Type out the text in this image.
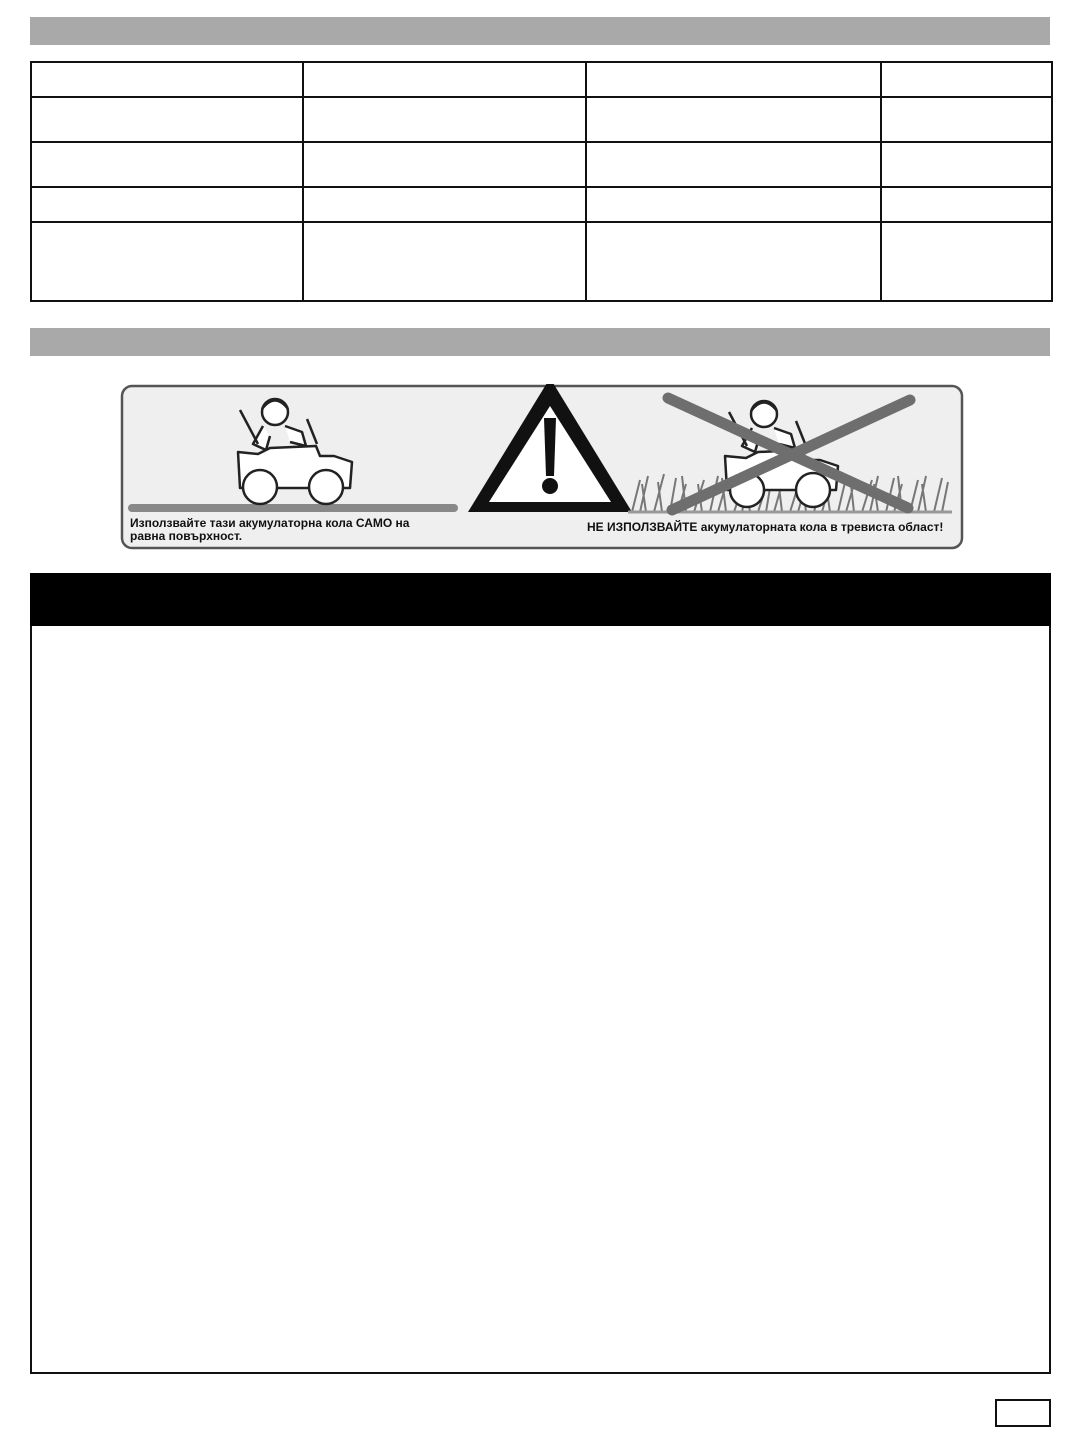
Използвайте тази акумулаторна кола САМО на равна повърхност.
НЕ ИЗПОЛЗВАЙТЕ акумулаторната кола в тревиста област!
